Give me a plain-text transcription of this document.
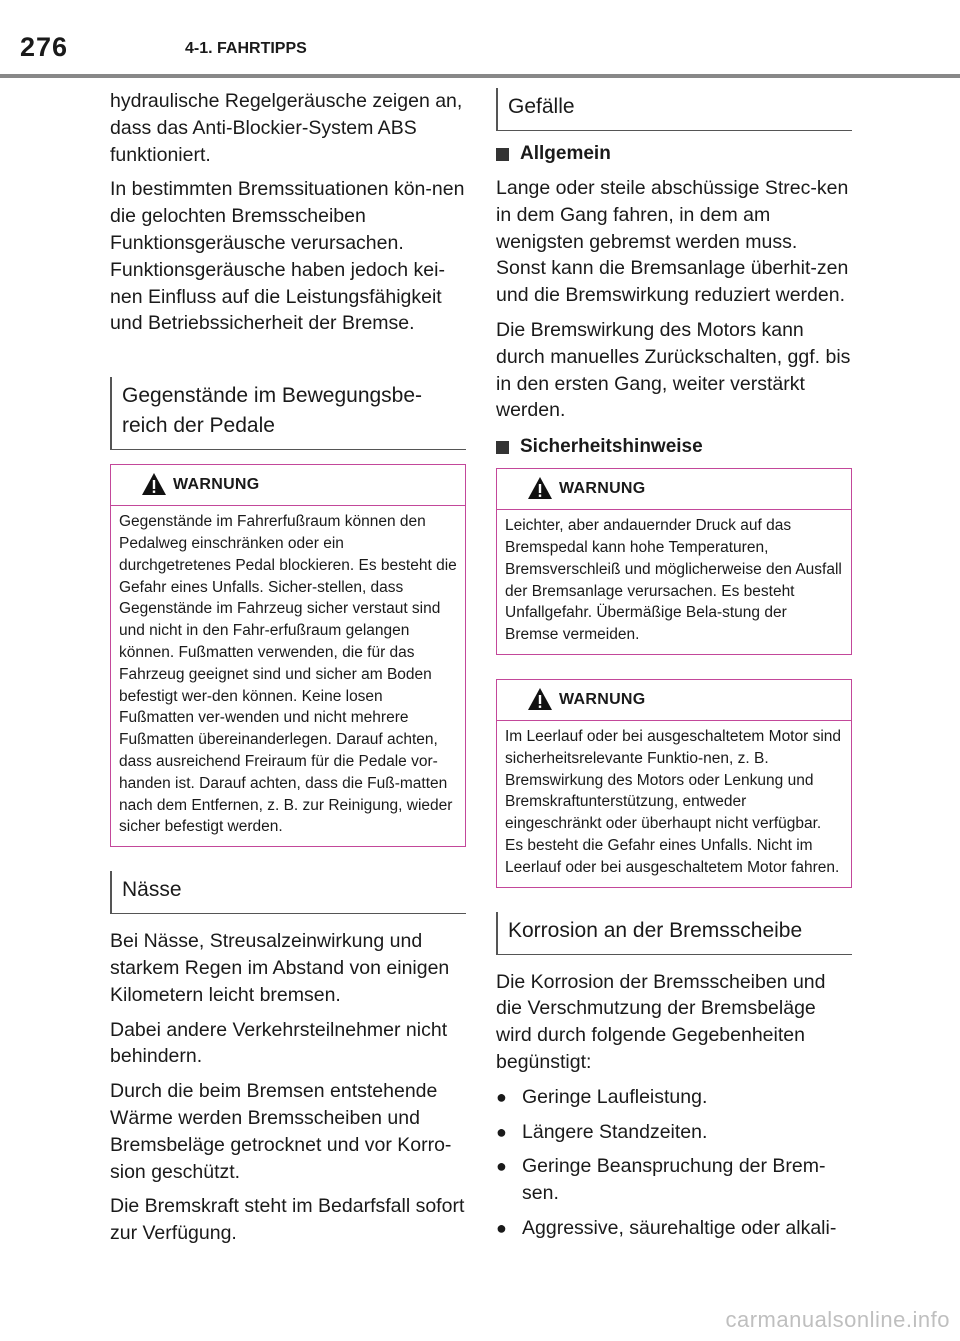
276	4-1. FAHRTIPPS

hydraulische Regelgeräusche zeigen an, dass das Anti-Blockier-System ABS funktioniert.

In bestimmten Bremssituationen kön-nen die gelochten Bremsscheiben Funktionsgeräusche verursachen. Funktionsgeräusche haben jedoch kei-nen Einfluss auf die Leistungsfähigkeit und Betriebssicherheit der Bremse.

Gegenstände im Bewegungsbe-reich der Pedale
WARNUNG
Gegenstände im Fahrerfußraum können den Pedalweg einschränken oder ein durchgetretenes Pedal blockieren. Es besteht die Gefahr eines Unfalls. Sicher-stellen, dass Gegenstände im Fahrzeug sicher verstaut sind und nicht in den Fahr-erfußraum gelangen können. Fußmatten verwenden, die für das Fahrzeug geeignet sind und sicher am Boden befestigt wer-den können. Keine losen Fußmatten ver-wenden und nicht mehrere Fußmatten übereinanderlegen. Darauf achten, dass ausreichend Freiraum für die Pedale vor-handen ist. Darauf achten, dass die Fuß-matten nach dem Entfernen, z. B. zur Reinigung, wieder sicher befestigt werden.
Nässe

Bei Nässe, Streusalzeinwirkung und starkem Regen im Abstand von einigen Kilometern leicht bremsen.

Dabei andere Verkehrsteilnehmer nicht behindern.

Durch die beim Bremsen entstehende Wärme werden Bremsscheiben und Bremsbeläge getrocknet und vor Korro-sion geschützt.

Die Bremskraft steht im Bedarfsfall sofort zur Verfügung.

Gefälle
Allgemein

Lange oder steile abschüssige Strec-ken in dem Gang fahren, in dem am wenigsten gebremst werden muss. Sonst kann die Bremsanlage überhit-zen und die Bremswirkung reduziert werden.

Die Bremswirkung des Motors kann durch manuelles Zurückschalten, ggf. bis in den ersten Gang, weiter verstärkt werden.

Sicherheitshinweise
WARNUNG
Leichter, aber andauernder Druck auf das Bremspedal kann hohe Temperaturen, Bremsverschleiß und möglicherweise den Ausfall der Bremsanlage verursachen. Es besteht Unfallgefahr. Übermäßige Bela-stung der Bremse vermeiden.
WARNUNG
Im Leerlauf oder bei ausgeschaltetem Motor sind sicherheitsrelevante Funktio-nen, z. B. Bremswirkung des Motors oder Lenkung und Bremskraftunterstützung, entweder eingeschränkt oder überhaupt nicht verfügbar. Es besteht die Gefahr eines Unfalls. Nicht im Leerlauf oder bei ausgeschaltetem Motor fahren.
Korrosion an der Bremsscheibe

Die Korrosion der Bremsscheiben und die Verschmutzung der Bremsbeläge wird durch folgende Gegebenheiten begünstigt:

● Geringe Laufleistung.
● Längere Standzeiten.
● Geringe Beanspruchung der Brem-sen.
● Aggressive, säurehaltige oder alkali-
carmanualsonline.info
